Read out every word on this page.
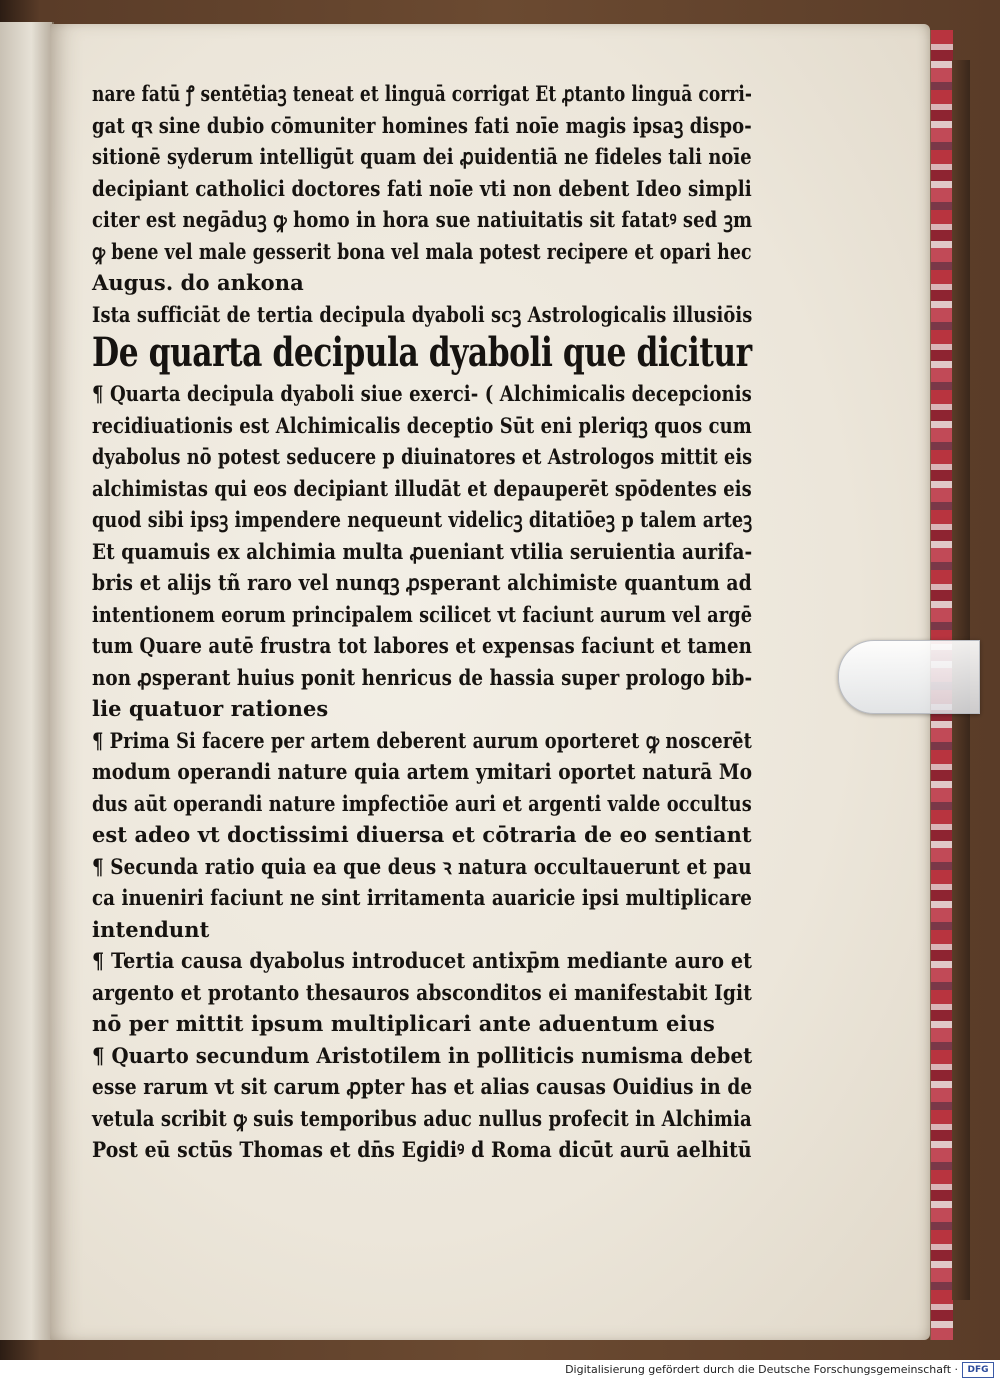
nare fatū ꝭ sentētiaꝫ teneat et linguā corrigat Et ꝓtanto linguā corri-
gat qꝛ sine dubio cōmuniter homines fati noīe magis ipsaꝫ dispo-
sitionē syderum intelligūt quam dei ꝓuidentiā ne fideles tali noīe
decipiant catholici doctores fati noīe vti non debent Ideo simpli
citer est negāduꝫ ꝙ homo in hora sue natiuitatis sit fatatꝰ sed ꝫm
ꝙ bene vel male gesserit bona vel mala potest recipere et opari hec
Augus. do ankona
Ista sufficiāt de tertia decipula dyaboli scꝫ Astrologicalis illusiōis
De quarta decipula dyaboli que dicitur
¶ Quarta decipula dyaboli siue exerci- ( Alchimicalis decepcionis
recidiuationis est Alchimicalis deceptio Sūt eni pleriqꝫ quos cum
dyabolus nō potest seducere p diuinatores et Astrologos mittit eis
alchimistas qui eos decipiant illudāt et depauperēt spōdentes eis
quod sibi ipsꝫ impendere nequeunt videlicꝫ ditatiōeꝫ p talem arteꝫ
Et quamuis ex alchimia multa ꝓueniant vtilia seruientia aurifa-
bris et alijs tñ raro vel nunqꝫ ꝓsperant alchimiste quantum ad
intentionem eorum principalem scilicet vt faciunt aurum vel argē
tum Quare autē frustra tot labores et expensas faciunt et tamen
non ꝓsperant huius ponit henricus de hassia super prologo bib-
lie quatuor rationes
¶ Prima Si facere per artem deberent aurum oporteret ꝙ noscerēt
modum operandi nature quia artem ymitari oportet naturā Mo
dus aūt operandi nature impfectiōe auri et argenti valde occultus
est adeo vt doctissimi diuersa et cōtraria de eo sentiant
¶ Secunda ratio quia ea que deus ꝛ natura occultauerunt et pau
ca inueniri faciunt ne sint irritamenta auaricie ipsi multiplicare
intendunt
¶ Tertia causa dyabolus introducet antixp̄m mediante auro et
argento et protanto thesauros absconditos ei manifestabit Igit
nō per mittit ipsum multiplicari ante aduentum eius
¶ Quarto secundum Aristotilem in polliticis numisma debet
esse rarum vt sit carum ꝓpter has et alias causas Ouidius in de
vetula scribit ꝙ suis temporibus aduc nullus profecit in Alchimia
Post eū sctūs Thomas et dn̄s Egidiꝰ d Roma dicūt aurū aelhitū
Digitalisierung gefördert durch die Deutsche Forschungsgemeinschaft ·	DFG
